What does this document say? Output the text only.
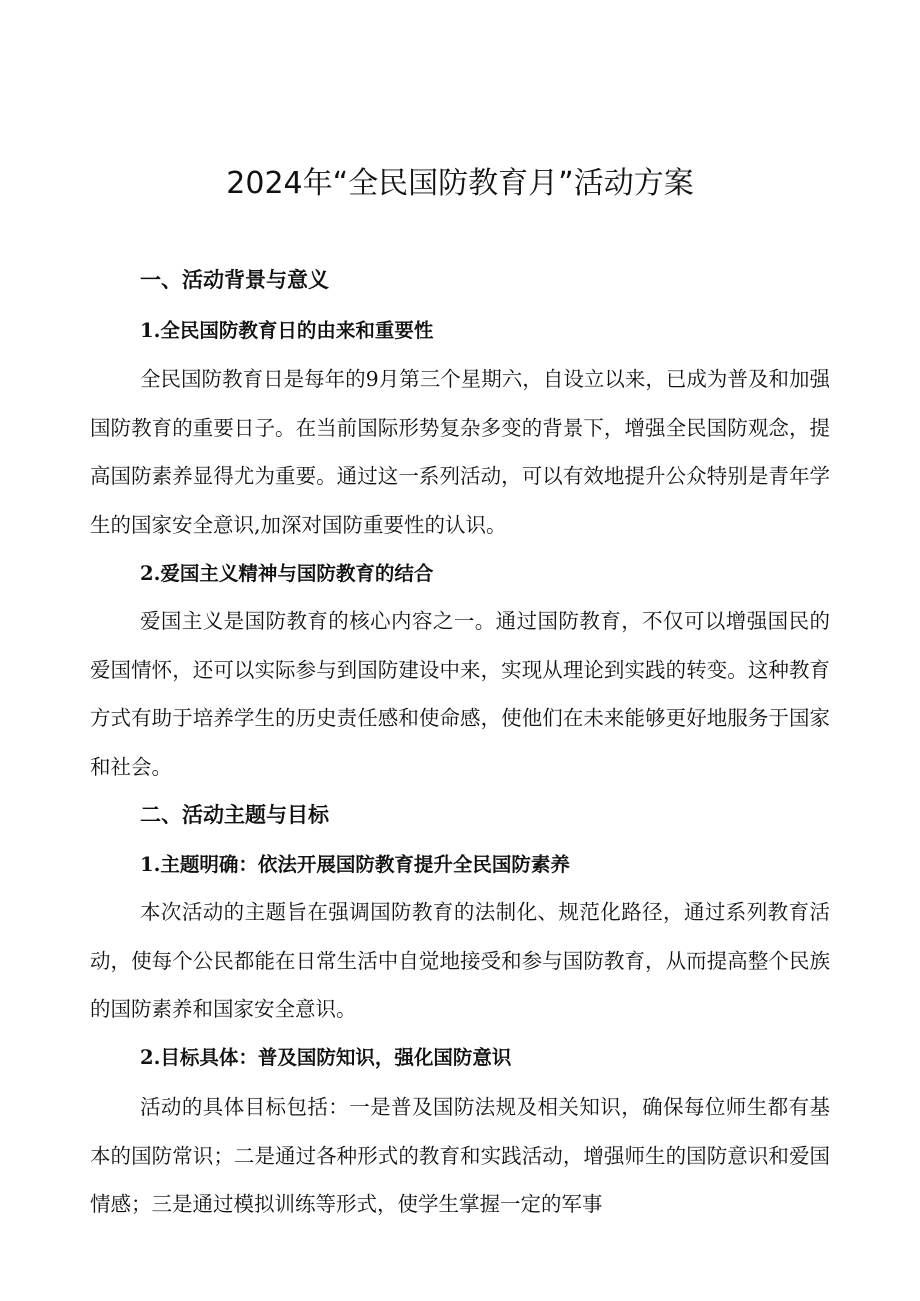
2024年“全民国防教育月”活动方案
一、活动背景与意义
1.全民国防教育日的由来和重要性

全民国防教育日是每年的9月第三个星期六，自设立以来，已成为普及和加强国防教育的重要日子。在当前国际形势复杂多变的背景下，增强全民国防观念，提高国防素养显得尤为重要。通过这一系列活动，可以有效地提升公众特别是青年学生的国家安全意识,加深对国防重要性的认识。

2.爱国主义精神与国防教育的结合

爱国主义是国防教育的核心内容之一。通过国防教育，不仅可以增强国民的爱国情怀，还可以实际参与到国防建设中来，实现从理论到实践的转变。这种教育方式有助于培养学生的历史责任感和使命感，使他们在未来能够更好地服务于国家和社会。

二、活动主题与目标
1.主题明确：依法开展国防教育提升全民国防素养

本次活动的主题旨在强调国防教育的法制化、规范化路径，通过系列教育活动，使每个公民都能在日常生活中自觉地接受和参与国防教育，从而提高整个民族的国防素养和国家安全意识。

2.目标具体：普及国防知识，强化国防意识

活动的具体目标包括：一是普及国防法规及相关知识，确保每位师生都有基本的国防常识；二是通过各种形式的教育和实践活动，增强师生的国防意识和爱国情感；三是通过模拟训练等形式，使学生掌握一定的军事
